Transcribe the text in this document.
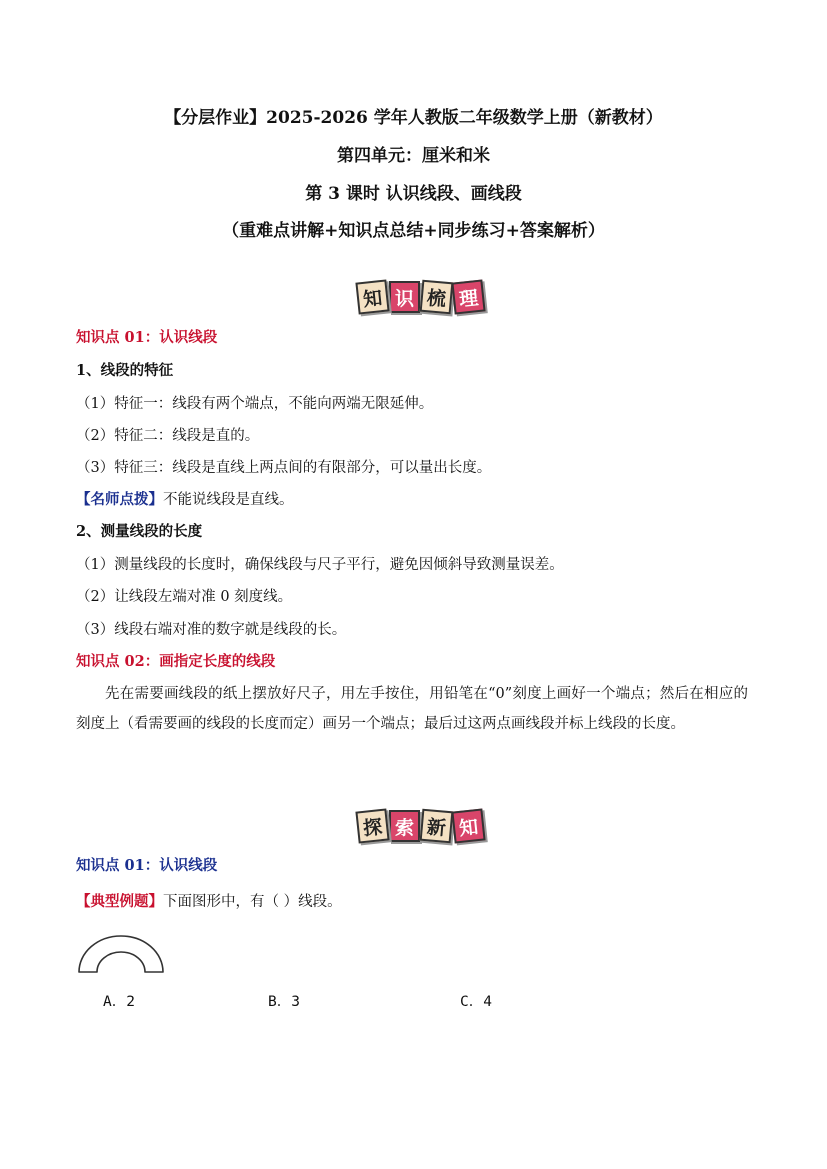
【分层作业】2025-2026 学年人教版二年级数学上册（新教材）
第四单元：厘米和米
第 3 课时 认识线段、画线段
（重难点讲解+知识点总结+同步练习+答案解析）
知 识 梳 理
知识点 01：认识线段
1、线段的特征
（1）特征一：线段有两个端点，不能向两端无限延伸。
（2）特征二：线段是直的。
（3）特征三：线段是直线上两点间的有限部分，可以量出长度。
【名师点拨】不能说线段是直线。
2、测量线段的长度
（1）测量线段的长度时，确保线段与尺子平行，避免因倾斜导致测量误差。
（2）让线段左端对准 0 刻度线。
（3）线段右端对准的数字就是线段的长。
知识点 02：画指定长度的线段
先在需要画线段的纸上摆放好尺子，用左手按住，用铅笔在“0”刻度上画好一个端点；然后在相应的刻度上（看需要画的线段的长度而定）画另一个端点；最后过这两点画线段并标上线段的长度。
探 索 新 知
知识点 01：认识线段
【典型例题】下面图形中，有（ ）线段。
A．2	B．3	C．4
